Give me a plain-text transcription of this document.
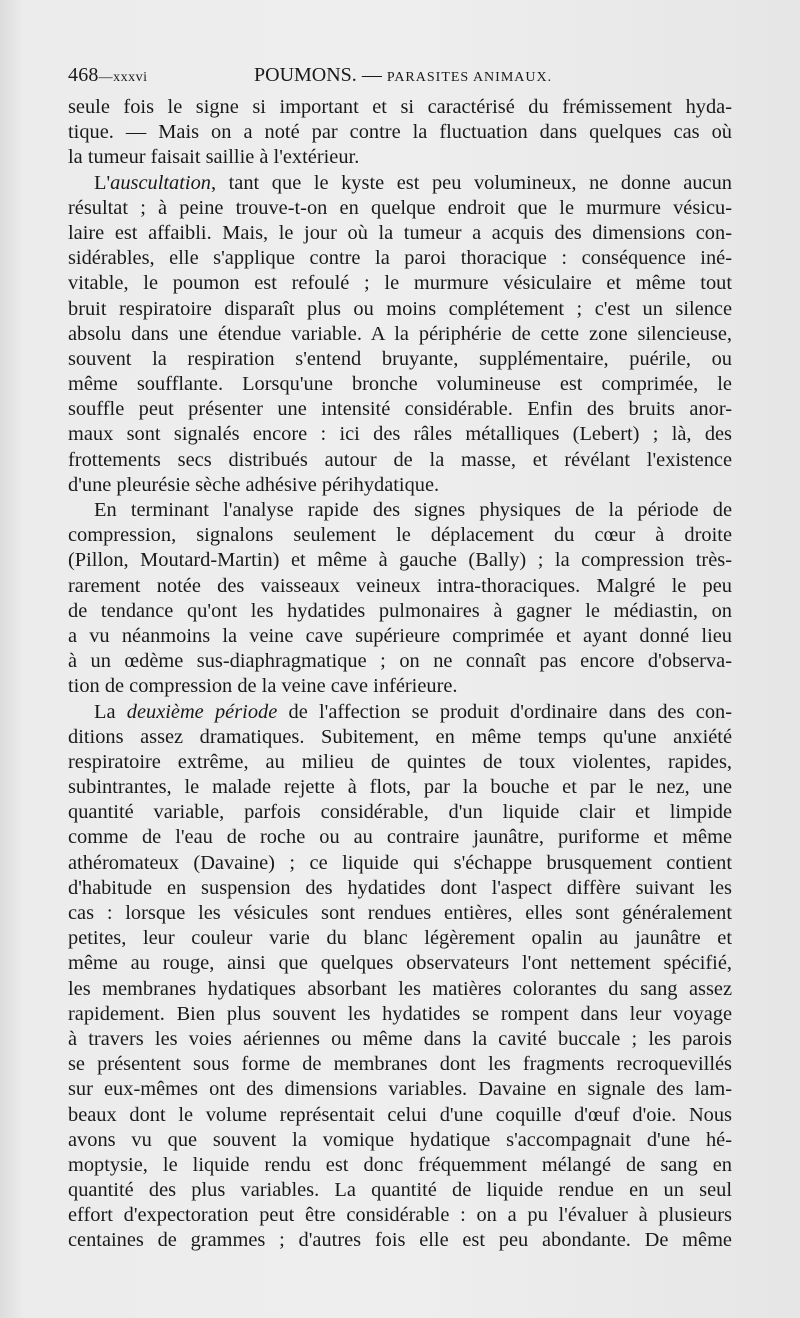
468—xxxvi	POUMONS. — PARASITES ANIMAUX.
seule fois le signe si important et si caractérisé du frémissement hyda-
tique. — Mais on a noté par contre la fluctuation dans quelques cas où
la tumeur faisait saillie à l'extérieur.
L'auscultation, tant que le kyste est peu volumineux, ne donne aucun
résultat ; à peine trouve-t-on en quelque endroit que le murmure vésicu-
laire est affaibli. Mais, le jour où la tumeur a acquis des dimensions con-
sidérables, elle s'applique contre la paroi thoracique : conséquence iné-
vitable, le poumon est refoulé ; le murmure vésiculaire et même tout
bruit respiratoire disparaît plus ou moins complétement ; c'est un silence
absolu dans une étendue variable. A la périphérie de cette zone silencieuse,
souvent la respiration s'entend bruyante, supplémentaire, puérile, ou
même soufflante. Lorsqu'une bronche volumineuse est comprimée, le
souffle peut présenter une intensité considérable. Enfin des bruits anor-
maux sont signalés encore : ici des râles métalliques (Lebert) ; là, des
frottements secs distribués autour de la masse, et révélant l'existence
d'une pleurésie sèche adhésive périhydatique.
En terminant l'analyse rapide des signes physiques de la période de
compression, signalons seulement le déplacement du cœur à droite
(Pillon, Moutard-Martin) et même à gauche (Bally) ; la compression très-
rarement notée des vaisseaux veineux intra-thoraciques. Malgré le peu
de tendance qu'ont les hydatides pulmonaires à gagner le médiastin, on
a vu néanmoins la veine cave supérieure comprimée et ayant donné lieu
à un œdème sus-diaphragmatique ; on ne connaît pas encore d'observa-
tion de compression de la veine cave inférieure.
La deuxième période de l'affection se produit d'ordinaire dans des con-
ditions assez dramatiques. Subitement, en même temps qu'une anxiété
respiratoire extrême, au milieu de quintes de toux violentes, rapides,
subintrantes, le malade rejette à flots, par la bouche et par le nez, une
quantité variable, parfois considérable, d'un liquide clair et limpide
comme de l'eau de roche ou au contraire jaunâtre, puriforme et même
athéromateux (Davaine) ; ce liquide qui s'échappe brusquement contient
d'habitude en suspension des hydatides dont l'aspect diffère suivant les
cas : lorsque les vésicules sont rendues entières, elles sont généralement
petites, leur couleur varie du blanc légèrement opalin au jaunâtre et
même au rouge, ainsi que quelques observateurs l'ont nettement spécifié,
les membranes hydatiques absorbant les matières colorantes du sang assez
rapidement. Bien plus souvent les hydatides se rompent dans leur voyage
à travers les voies aériennes ou même dans la cavité buccale ; les parois
se présentent sous forme de membranes dont les fragments recroquevillés
sur eux-mêmes ont des dimensions variables. Davaine en signale des lam-
beaux dont le volume représentait celui d'une coquille d'œuf d'oie. Nous
avons vu que souvent la vomique hydatique s'accompagnait d'une hé-
moptysie, le liquide rendu est donc fréquemment mélangé de sang en
quantité des plus variables. La quantité de liquide rendue en un seul
effort d'expectoration peut être considérable : on a pu l'évaluer à plusieurs
centaines de grammes ; d'autres fois elle est peu abondante. De même
